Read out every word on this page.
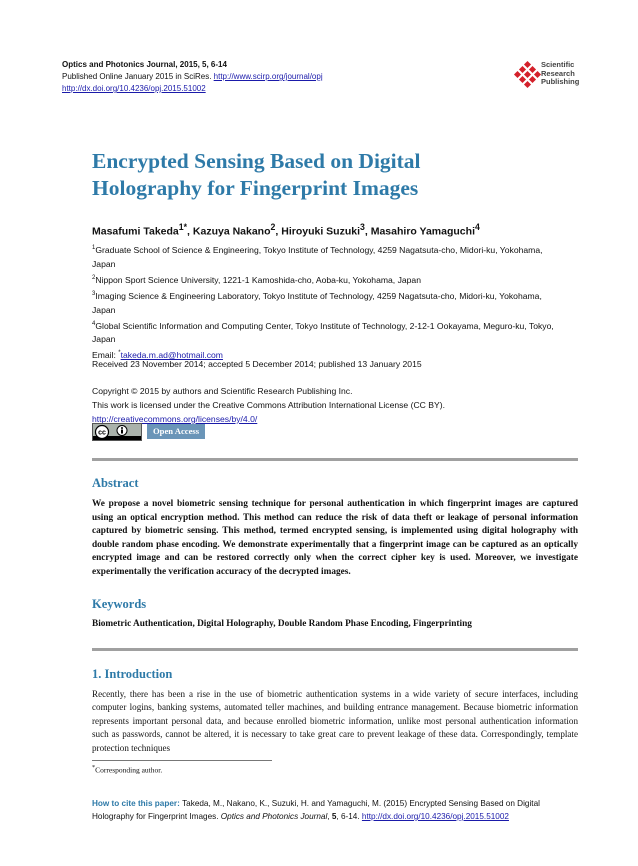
Optics and Photonics Journal, 2015, 5, 6-14
Published Online January 2015 in SciRes. http://www.scirp.org/journal/opj
http://dx.doi.org/10.4236/opj.2015.51002
Scientific
Research
Publishing
Encrypted Sensing Based on Digital
Holography for Fingerprint Images
Masafumi Takeda$^{1*}$, Kazuya Nakano$^2$, Hiroyuki Suzuki$^3$, Masahiro Yamaguchi$^4$

$^1$Graduate School of Science & Engineering, Tokyo Institute of Technology, 4259 Nagatsuta-cho, Midori-ku, Yokohama, Japan

$^2$Nippon Sport Science University, 1221-1 Kamoshida-cho, Aoba-ku, Yokohama, Japan

$^3$Imaging Science & Engineering Laboratory, Tokyo Institute of Technology, 4259 Nagatsuta-cho, Midori-ku, Yokohama, Japan

$^4$Global Scientific Information and Computing Center, Tokyo Institute of Technology, 2-12-1 Ookayama, Meguro-ku, Tokyo, Japan

Email: *takeda.m.ad@hotmail.com

Received 23 November 2014; accepted 5 December 2014; published 13 January 2015

Copyright © 2015 by authors and Scientific Research Publishing Inc.

This work is licensed under the Creative Commons Attribution International License (CC BY).

http://creativecommons.org/licenses/by/4.0/

cc	Open Access
Abstract
We propose a novel biometric sensing technique for personal authentication in which fingerprint images are captured using an optical encryption method. This method can reduce the risk of data theft or leakage of personal information captured by biometric sensing. This method, termed encrypted sensing, is implemented using digital holography with double random phase encoding. We demonstrate experimentally that a fingerprint image can be captured as an optically encrypted image and can be restored correctly only when the correct cipher key is used. Moreover, we investigate experimentally the verification accuracy of the decrypted images.
Keywords
Biometric Authentication, Digital Holography, Double Random Phase Encoding, Fingerprinting
1. Introduction
Recently, there has been a rise in the use of biometric authentication systems in a wide variety of secure interfaces, including computer logins, banking systems, automated teller machines, and building entrance management. Because biometric information represents important personal data, and because enrolled biometric information, unlike most personal authentication information such as passwords, cannot be altered, it is necessary to take great care to prevent leakage of these data. Correspondingly, template protection techniques
*Corresponding author.
How to cite this paper: Takeda, M., Nakano, K., Suzuki, H. and Yamaguchi, M. (2015) Encrypted Sensing Based on Digital Holography for Fingerprint Images. Optics and Photonics Journal, 5, 6-14. http://dx.doi.org/10.4236/opj.2015.51002
